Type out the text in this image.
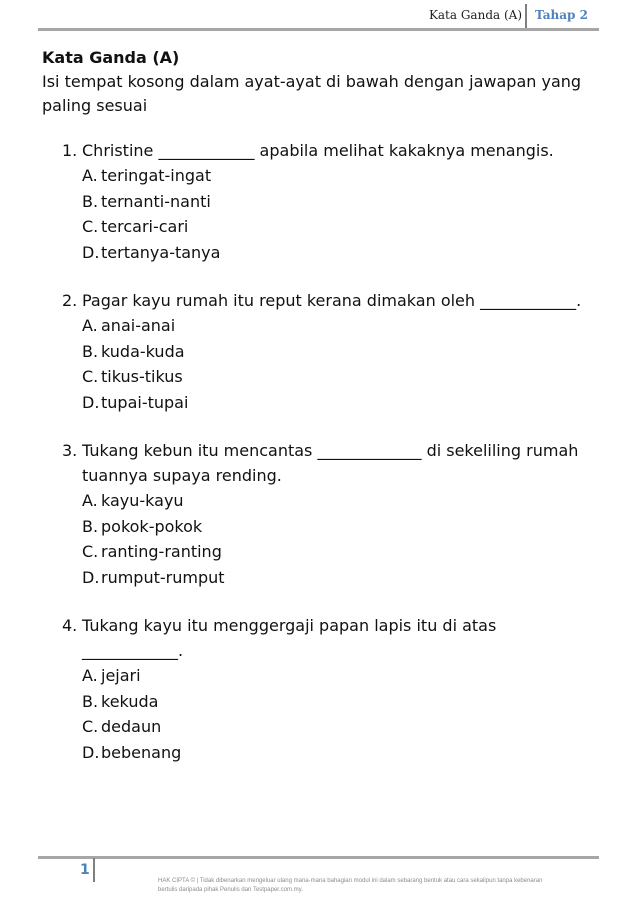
Kata Ganda (A) Tahap 2
Kata Ganda (A)
Isi tempat kosong dalam ayat-ayat di bawah dengan jawapan yang paling sesuai
1. Christine ____________ apabila melihat kakaknya menangis.
A. teringat-ingat
B. ternanti-nanti
C. tercari-cari
D. tertanya-tanya
2. Pagar kayu rumah itu reput kerana dimakan oleh ____________.
A. anai-anai
B. kuda-kuda
C. tikus-tikus
D. tupai-tupai
3. Tukang kebun itu mencantas _____________ di sekeliling rumah tuannya supaya rending.
A. kayu-kayu
B. pokok-pokok
C. ranting-ranting
D. rumput-rumput
4. Tukang kayu itu menggergaji papan lapis itu di atas ____________.
A. jejari
B. kekuda
C. dedaun
D. bebenang
1
HAK CIPTA © | Tidak dibenarkan mengeluar ulang mana-mana bahagian modul ini dalam sebarang bentuk atau cara sekalipun tanpa kebenaran bertulis daripada pihak Penulis dan Testpaper.com.my.
